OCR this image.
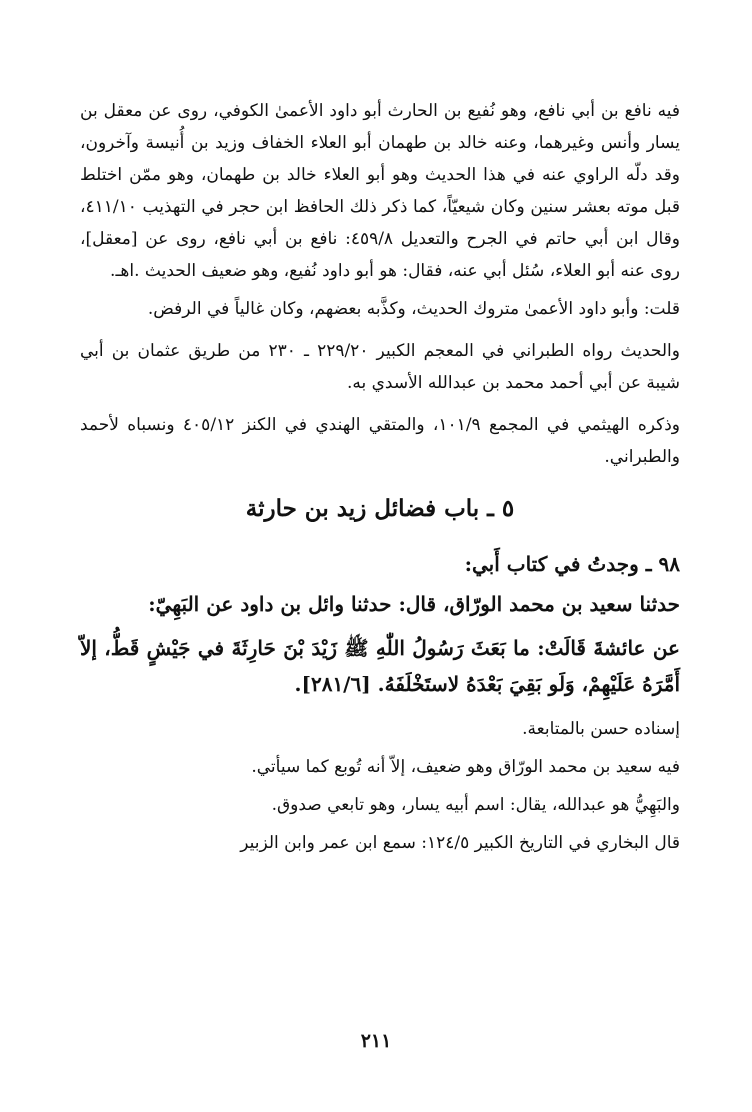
فيه نافع بن أبي نافع، وهو نُفيع بن الحارث أبو داود الأعمىٰ الكوفي، روى عن معقل بن يسار وأنس وغيرهما، وعنه خالد بن طهمان أبو العلاء الخفاف وزيد بن أُنيسة وآخرون، وقد دلّه الراوي عنه في هذا الحديث وهو أبو العلاء خالد بن طهمان، وهو ممّن اختلط قبل موته بعشر سنين وكان شيعيّاً، كما ذكر ذلك الحافظ ابن حجر في التهذيب ٤١١/١٠، وقال ابن أبي حاتم في الجرح والتعديل ٤٥٩/٨: نافع بن أبي نافع، روى عن [معقل]، روى عنه أبو العلاء، سُئل أبي عنه، فقال: هو أبو داود نُفيع، وهو ضعيف الحديث .اهـ.

قلت: وأبو داود الأعمىٰ متروك الحديث، وكذَّبه بعضهم، وكان غالياً في الرفض.

والحديث رواه الطبراني في المعجم الكبير ٢٢٩/٢٠ ـ ٢٣٠ من طريق عثمان بن أبي شيبة عن أبي أحمد محمد بن عبدالله الأسدي به.

وذكره الهيثمي في المجمع ١٠١/٩، والمتقي الهندي في الكنز ٤٠٥/١٢ ونسباه لأحمد والطبراني.

٥ ـ باب فضائل زيد بن حارثة
٩٨ ـ وجدتُ في كتاب أَبي:
حدثنا سعيد بن محمد الورّاق، قال: حدثنا وائل بن داود عن البَهِيّ:
عن عائشةَ قَالَتْ: ما بَعَثَ رَسُولُ اللّٰهِ ﷺ زَيْدَ بْنَ حَارِثَةَ في جَيْشٍ قَطُّ، إلاّ أَمَّرَهُ عَلَيْهِمْ، وَلَو بَقِيَ بَعْدَهُ لاستَخْلَفَهُ. [٢٨١/٦].

إسناده حسن بالمتابعة.

فيه سعيد بن محمد الورّاق وهو ضعيف، إلاّ أنه تُوبع كما سيأتي.

والبَهِيُّ هو عبدالله، يقال: اسم أبيه يسار، وهو تابعي صدوق.

قال البخاري في التاريخ الكبير ١٢٤/٥: سمع ابن عمر وابن الزبير

٢١١
